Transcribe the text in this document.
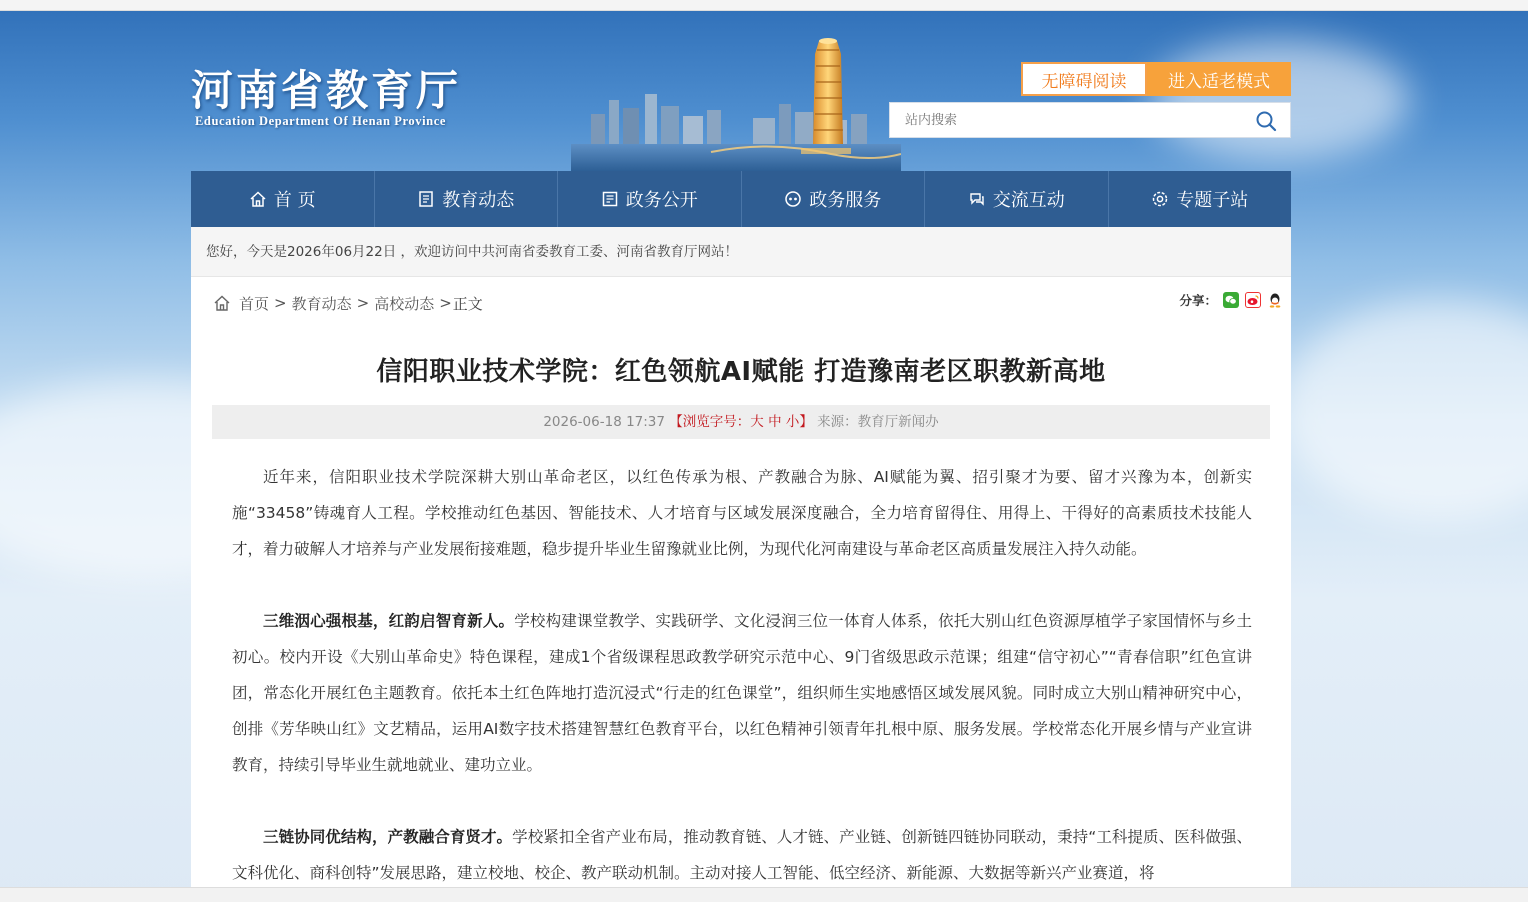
河南省教育厅
Education Department Of Henan Province
无障碍阅读	进入适老模式
站内搜索
首 页	教育动态	政务公开	政务服务	交流互动	专题子站
您好，今天是2026年06月22日 ，欢迎访问中共河南省委教育工委、河南省教育厅网站！
首页 > 教育动态 > 高校动态 > 正文	分享：
信阳职业技术学院：红色领航AI赋能 打造豫南老区职教新高地
2026-06-18 17:37 【浏览字号：大 中 小】 来源：教育厅新闻办

近年来，信阳职业技术学院深耕大别山革命老区，以红色传承为根、产教融合为脉、AI赋能为翼、招引聚才为要、留才兴豫为本，创新实施“33458”铸魂育人工程。学校推动红色基因、智能技术、人才培育与区域发展深度融合，全力培育留得住、用得上、干得好的高素质技术技能人才，着力破解人才培养与产业发展衔接难题，稳步提升毕业生留豫就业比例，为现代化河南建设与革命老区高质量发展注入持久动能。

三维洇心强根基，红韵启智育新人。学校构建课堂教学、实践研学、文化浸润三位一体育人体系，依托大别山红色资源厚植学子家国情怀与乡土初心。校内开设《大别山革命史》特色课程，建成1个省级课程思政教学研究示范中心、9门省级思政示范课；组建“信守初心”“青春信职”红色宣讲团，常态化开展红色主题教育。依托本土红色阵地打造沉浸式“行走的红色课堂”，组织师生实地感悟区域发展风貌。同时成立大别山精神研究中心，创排《芳华映山红》文艺精品，运用AI数字技术搭建智慧红色教育平台，以红色精神引领青年扎根中原、服务发展。学校常态化开展乡情与产业宣讲教育，持续引导毕业生就地就业、建功立业。

三链协同优结构，产教融合育贤才。学校紧扣全省产业布局，推动教育链、人才链、产业链、创新链四链协同联动，秉持“工科提质、医科做强、文科优化、商科创特”发展思路，建立校地、校企、教产联动机制。主动对接人工智能、低空经济、新能源、大数据等新兴产业赛道，将
